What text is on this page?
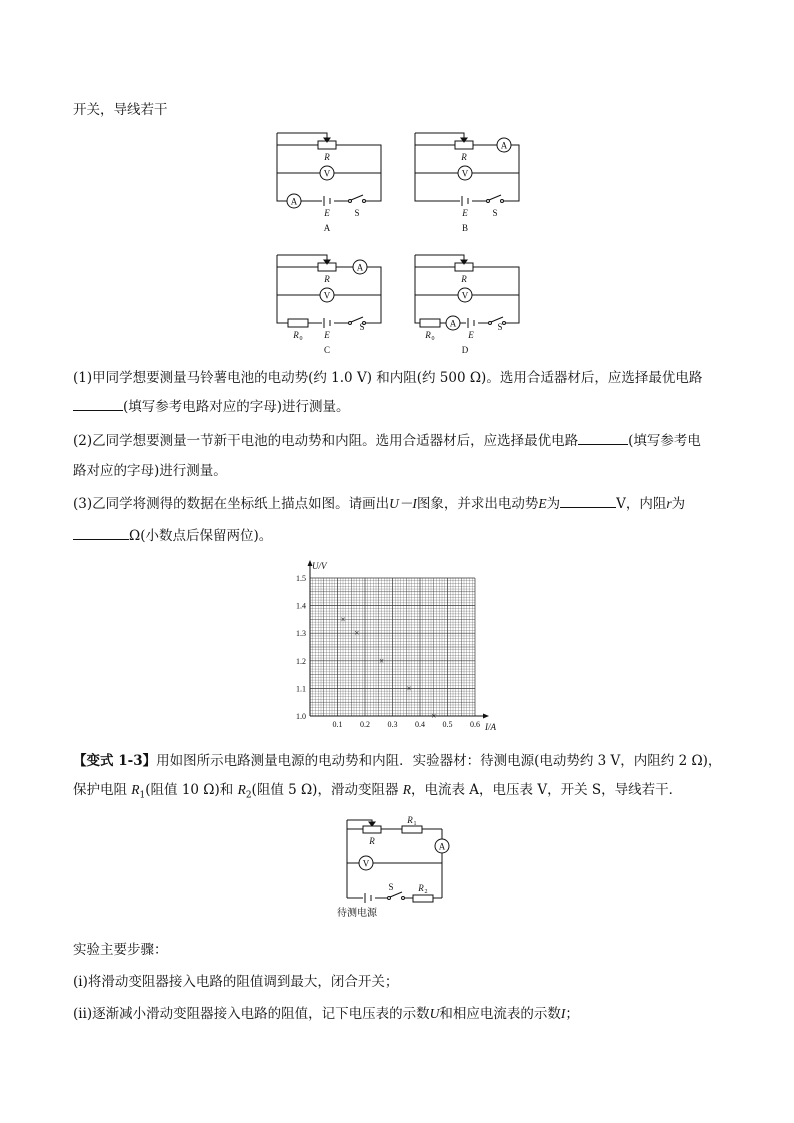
开关，导线若干
R
V
A
E	S
A
R
A
V
E	S
B
R
A
V
R 0 E
S
C
R
V
A
R 0	E
S
D
(1)甲同学想要测量马铃薯电池的电动势(约 1.0 V) 和内阻(约 500 Ω)。选用合适器材后，应选择最优电路
(填写参考电路对应的字母)进行测量。
(2)乙同学想要测量一节新干电池的电动势和内阻。选用合适器材后，应选择最优电路	(填写参考电
路对应的字母)进行测量。
(3)乙同学将测得的数据在坐标纸上描点如图。请画出U－I图象，并求出电动势E为	V，内阻r为
Ω(小数点后保留两位)。
1.0
1.1
1.2
1.3
1.4
1.5
0.1 0.2 0.3 0.4 0.5 0.6
×
×
×
×
×
U/V
I/A
【变式 1-3】用如图所示电路测量电源的电动势和内阻．实验器材：待测电源(电动势约 3 V，内阻约 2 Ω)，
保护电阻 $R_1$(阻值 10 Ω)和 $R_2$(阻值 5 Ω)，滑动变阻器 R，电流表 A，电压表 V，开关 S，导线若干．
R
R 1
A
V
S	R 2
待测电源
实验主要步骤：
(ⅰ)将滑动变阻器接入电路的阻值调到最大，闭合开关；
(ⅱ)逐渐减小滑动变阻器接入电路的阻值，记下电压表的示数U和相应电流表的示数I；
